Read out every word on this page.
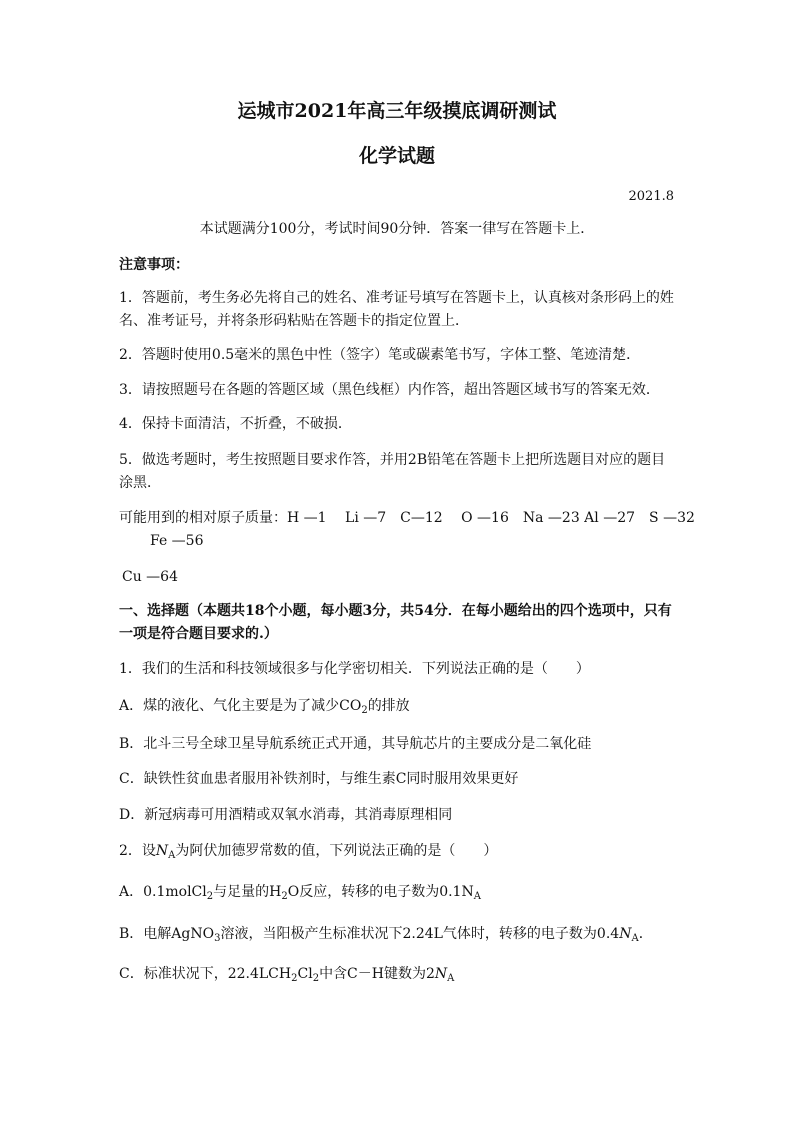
运城市2021年高三年级摸底调研测试
化学试题
2021.8
本试题满分100分，考试时间90分钟．答案一律写在答题卡上．
注意事项：
1．答题前，考生务必先将自己的姓名、准考证号填写在答题卡上，认真核对条形码上的姓名、准考证号，并将条形码粘贴在答题卡的指定位置上．
2．答题时使用0.5毫米的黑色中性（签字）笔或碳素笔书写，字体工整、笔迹清楚．
3．请按照题号在各题的答题区域（黑色线框）内作答，超出答题区域书写的答案无效．
4．保持卡面清洁，不折叠，不破损．
5．做选考题时，考生按照题目要求作答，并用2B铅笔在答题卡上把所选题目对应的题目涂黑．
可能用到的相对原子质量：H —1　 Li —7　C—12　 O —16　Na —23 Al —27　S —32
Fe —56
Cu —64
一、选择题（本题共18个小题，每小题3分，共54分．在每小题给出的四个选项中，只有一项是符合题目要求的.）
1．我们的生活和科技领域很多与化学密切相关．下列说法正确的是（　　）
A．煤的液化、气化主要是为了减少$CO_2$的排放
B．北斗三号全球卫星导航系统正式开通，其导航芯片的主要成分是二氧化硅
C．缺铁性贫血患者服用补铁剂时，与维生素C同时服用效果更好
D．新冠病毒可用酒精或双氧水消毒，其消毒原理相同
2．设$N_A$为阿伏加德罗常数的值，下列说法正确的是（　　）
A．0.1molCl$_2$与足量的$H_2O$反应，转移的电子数为$0.1N_A$
B．电解AgNO$_3$溶液，当阳极产生标准状况下2.24L气体时，转移的电子数为$0.4N_A$．
C．标准状况下，$22.4LCH_2Cl_2$中含C－H键数为$2N_A$
